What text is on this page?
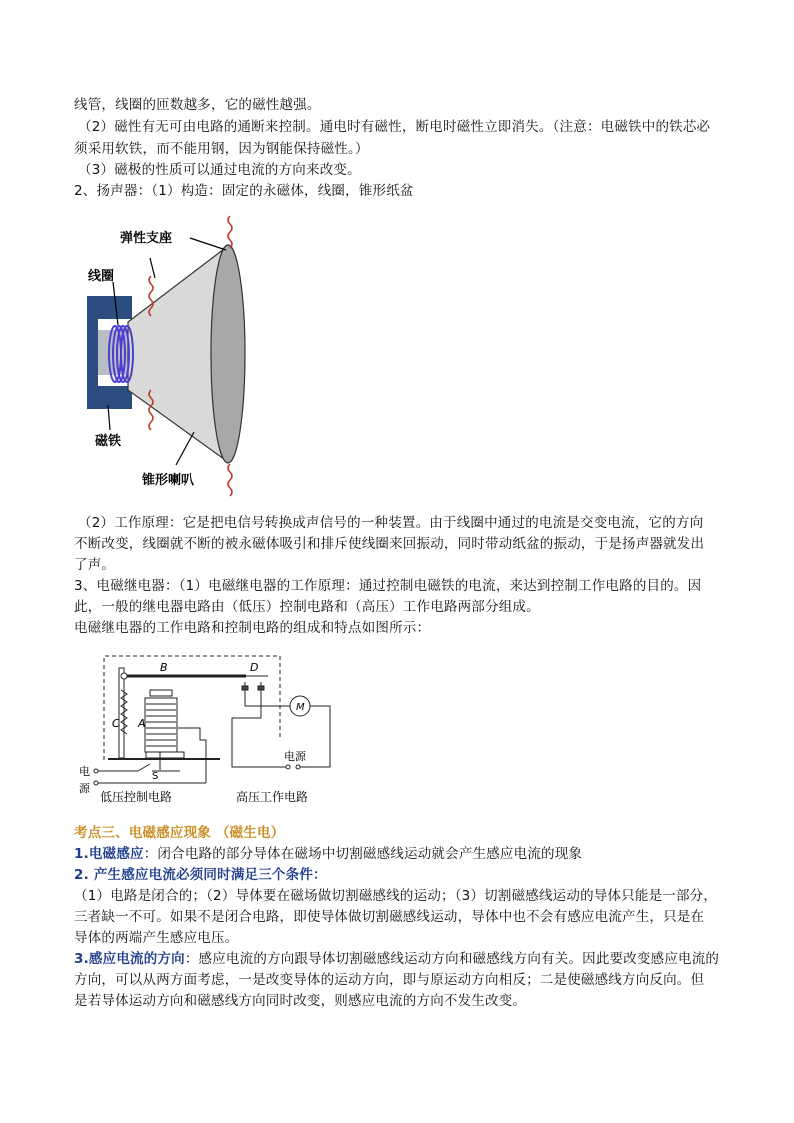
线管，线圈的匝数越多，它的磁性越强。
（2）磁性有无可由电路的通断来控制。通电时有磁性，断电时磁性立即消失。（注意：电磁铁中的铁芯必
须采用软铁，而不能用钢，因为钢能保持磁性。）
（3）磁极的性质可以通过电流的方向来改变。
2、扬声器：（1）构造：固定的永磁体，线圈，锥形纸盆
弹性支座
线圈
磁铁
锥形喇叭
（2）工作原理：它是把电信号转换成声信号的一种装置。由于线圈中通过的电流是交变电流，它的方向
不断改变，线圈就不断的被永磁体吸引和排斥使线圈来回振动，同时带动纸盆的振动，于是扬声器就发出
了声。
3、电磁继电器：（1）电磁继电器的工作原理：通过控制电磁铁的电流，来达到控制工作电路的目的。因
此，一般的继电器电路由（低压）控制电路和（高压）工作电路两部分组成。
电磁继电器的工作电路和控制电路的组成和特点如图所示：
B	D
C A
M
S
电
源
电源
低压控制电路	高压工作电路
考点三、电磁感应现象 （磁生电）
1.电磁感应：闭合电路的部分导体在磁场中切割磁感线运动就会产生感应电流的现象
2. 产生感应电流必须同时满足三个条件：
（1）电路是闭合的；（2）导体要在磁场做切割磁感线的运动；（3）切割磁感线运动的导体只能是一部分，
三者缺一不可。如果不是闭合电路，即使导体做切割磁感线运动，导体中也不会有感应电流产生，只是在
导体的两端产生感应电压。
3.感应电流的方向：感应电流的方向跟导体切割磁感线运动方向和磁感线方向有关。因此要改变感应电流的
方向，可以从两方面考虑，一是改变导体的运动方向，即与原运动方向相反；二是使磁感线方向反向。但
是若导体运动方向和磁感线方向同时改变，则感应电流的方向不发生改变。
